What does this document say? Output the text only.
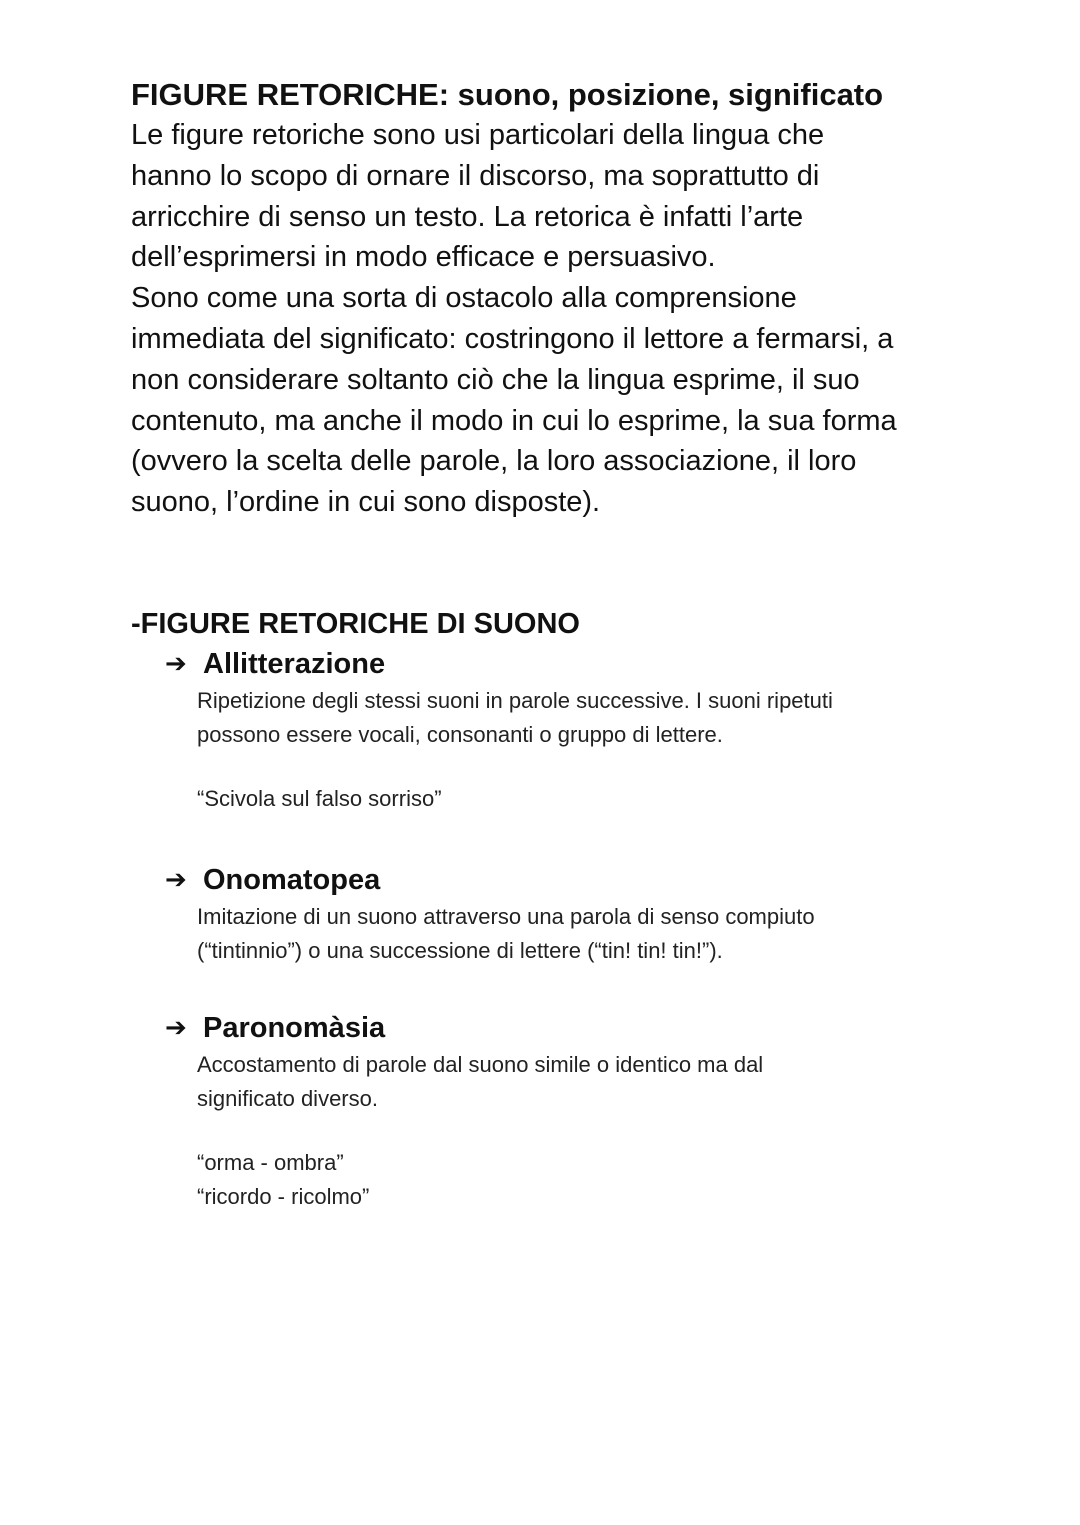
FIGURE RETORICHE: suono, posizione, significato

Le figure retoriche sono usi particolari della lingua che

hanno lo scopo di ornare il discorso, ma soprattutto di

arricchire di senso un testo. La retorica è infatti l’arte

dell’esprimersi in modo efficace e persuasivo.

Sono come una sorta di ostacolo alla comprensione

immediata del significato: costringono il lettore a fermarsi, a

non considerare soltanto ciò che la lingua esprime, il suo

contenuto, ma anche il modo in cui lo esprime, la sua forma

(ovvero la scelta delle parole, la loro associazione, il loro

suono, l’ordine in cui sono disposte).

-FIGURE RETORICHE DI SUONO

➔ Allitterazione

Ripetizione degli stessi suoni in parole successive. I suoni ripetuti

possono essere vocali, consonanti o gruppo di lettere.

“Scivola sul falso sorriso”

➔ Onomatopea

Imitazione di un suono attraverso una parola di senso compiuto

(“tintinnio”) o una successione di lettere (“tin! tin! tin!”).

➔ Paronomàsia

Accostamento di parole dal suono simile o identico ma dal

significato diverso.

“orma - ombra”

“ricordo - ricolmo”
